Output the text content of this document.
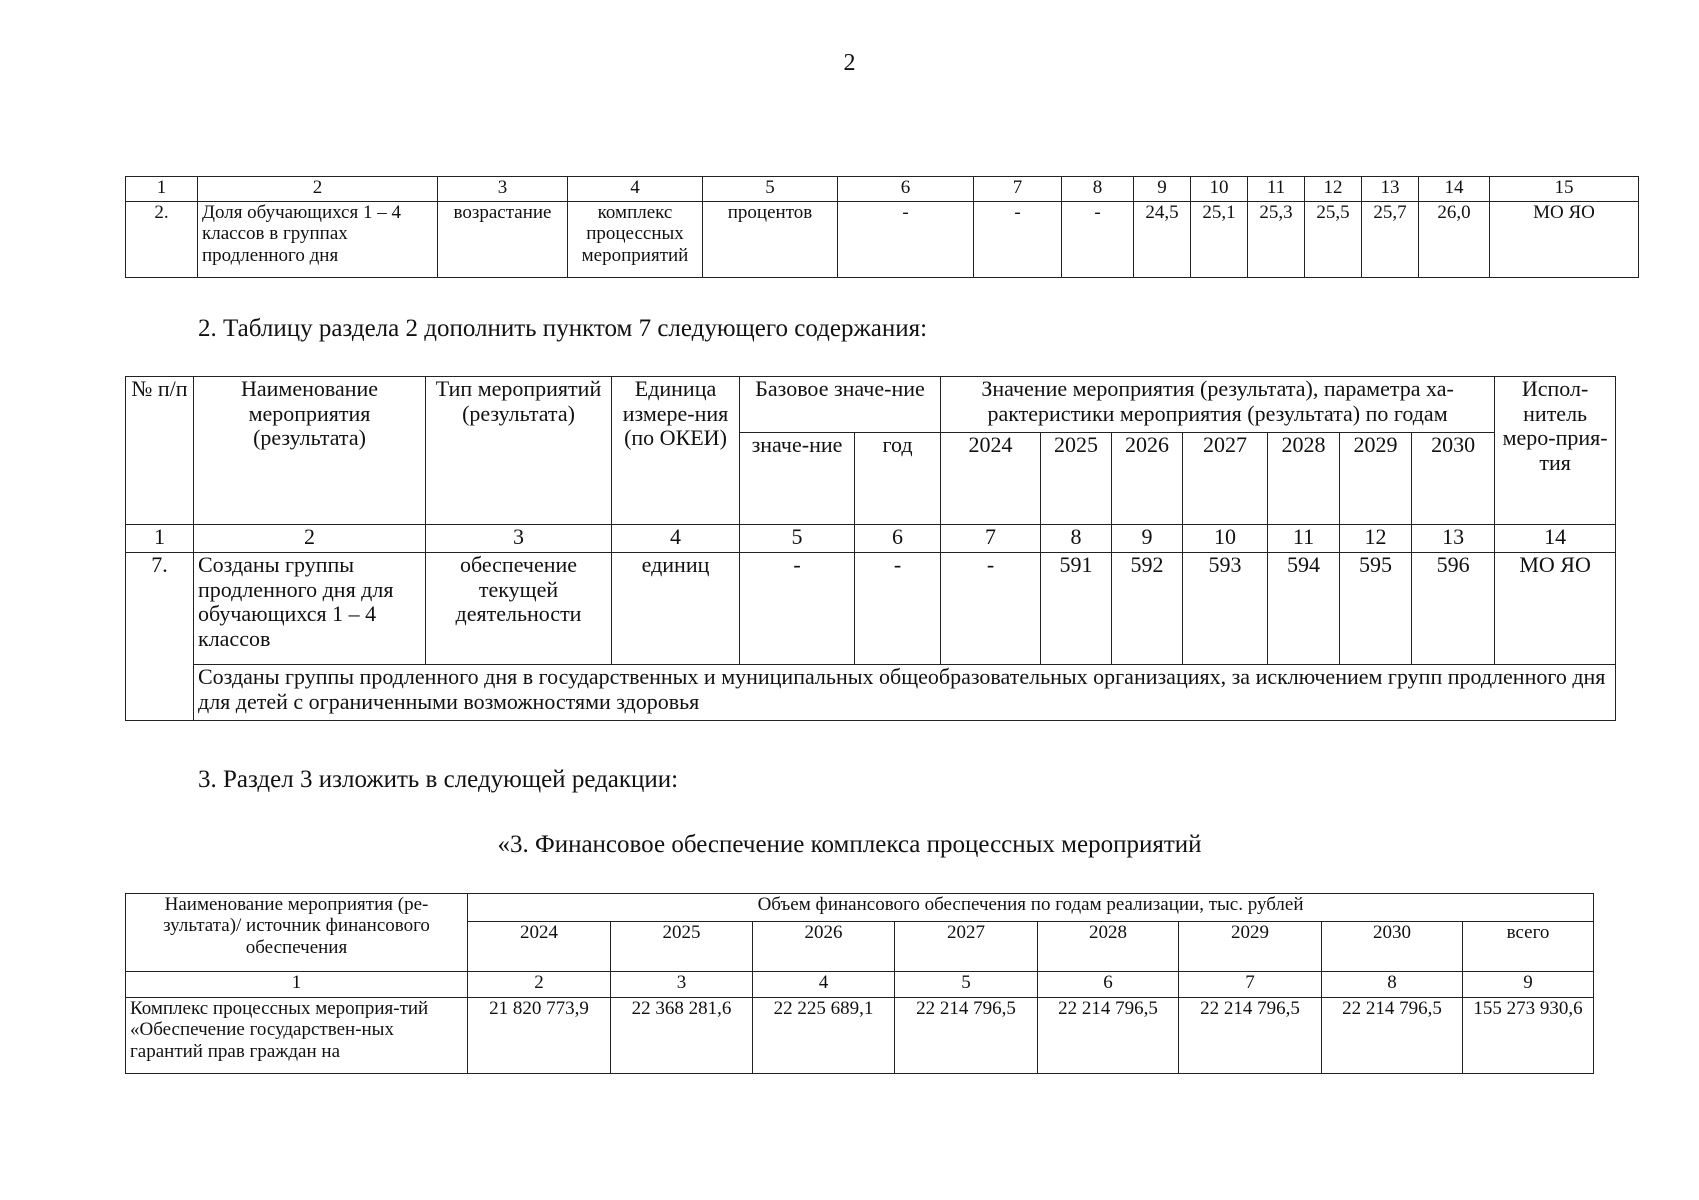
2
1	2	3	4	5	6	7	8	9	10	11	12	13	14	15
2.	Доля обучающихся 1 – 4 классов в группах продленного дня	возрастание	комплекс процессных мероприятий	процентов	-	-	-	24,5	25,1	25,3	25,5	25,7	26,0	МО ЯО
2. Таблицу раздела 2 дополнить пунктом 7 следующего содержания:
№ п/п	Наименование мероприятия (результата)	Тип мероприятий (результата)	Единица измере-ния (по ОКЕИ)	Базовое значе-ние		Значение мероприятия (результата), параметра ха-рактеристики мероприятия (результата) по годам							Испол-нитель меро-прия-тия
				значе-ние	год	2024	2025	2026	2027	2028	2029	2030	
1	2	3	4	5	6	7	8	9	10	11	12	13	14
7.	Созданы группы продленного дня для обучающихся 1 – 4 классов	обеспечение текущей деятельности	единиц	-	-	-	591	592	593	594	595	596	МО ЯО
	Созданы группы продленного дня в государственных и муниципальных общеобразовательных организациях, за исключением групп продленного дня для детей с ограниченными возможностями здоровья												
3. Раздел 3 изложить в следующей редакции:
«3. Финансовое обеспечение комплекса процессных мероприятий
Наименование мероприятия (ре-зультата)/ источник финансового обеспечения	Объем финансового обеспечения по годам реализации, тыс. рублей							
	2024	2025	2026	2027	2028	2029	2030	всего
1	2	3	4	5	6	7	8	9
Комплекс процессных мероприя-тий «Обеспечение государствен-ных гарантий прав граждан на	21 820 773,9	22 368 281,6	22 225 689,1	22 214 796,5	22 214 796,5	22 214 796,5	22 214 796,5	155 273 930,6
